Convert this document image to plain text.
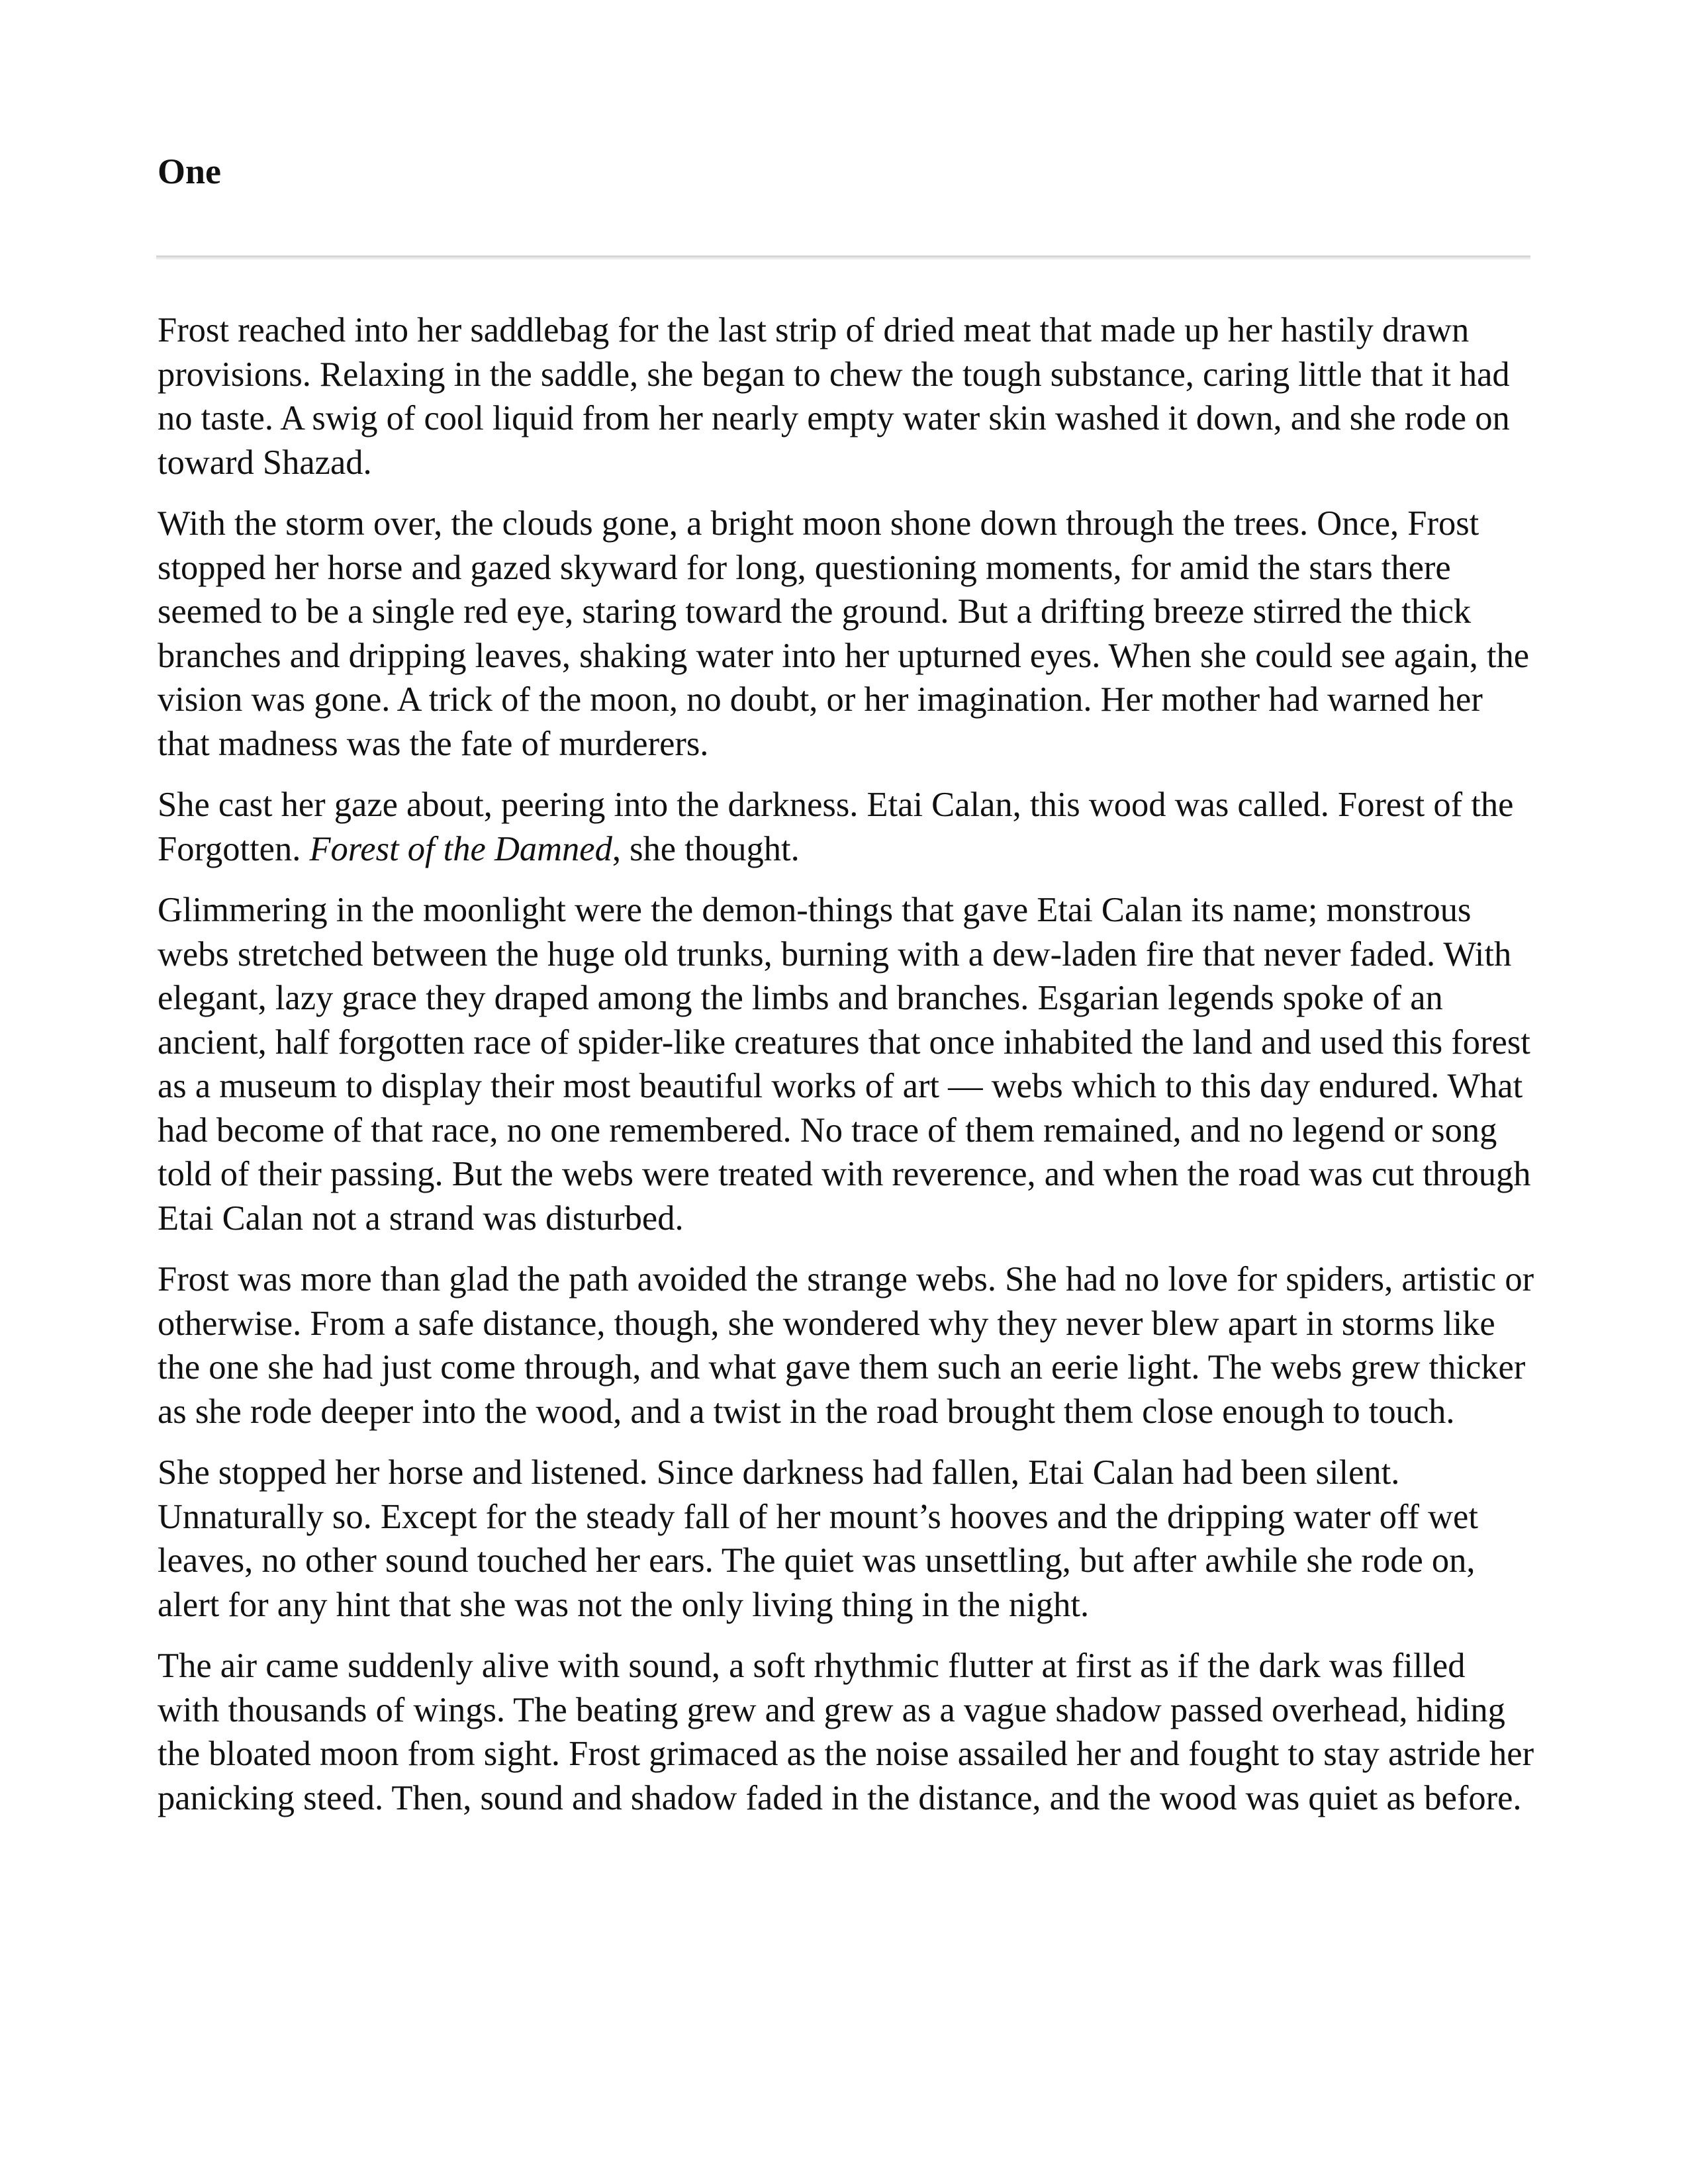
One

Frost reached into her saddlebag for the last strip of dried meat that made up her hastily drawn provisions. Relaxing in the saddle, she began to chew the tough substance, caring little that it had no taste. A swig of cool liquid from her nearly empty water skin washed it down, and she rode on toward Shazad.

With the storm over, the clouds gone, a bright moon shone down through the trees. Once, Frost stopped her horse and gazed skyward for long, questioning moments, for amid the stars there seemed to be a single red eye, staring toward the ground. But a drifting breeze stirred the thick branches and dripping leaves, shaking water into her upturned eyes. When she could see again, the vision was gone. A trick of the moon, no doubt, or her imagination. Her mother had warned her that madness was the fate of murderers.

She cast her gaze about, peering into the darkness. Etai Calan, this wood was called. Forest of the Forgotten. Forest of the Damned, she thought.

Glimmering in the moonlight were the demon-things that gave Etai Calan its name; monstrous webs stretched between the huge old trunks, burning with a dew-laden fire that never faded. With elegant, lazy grace they draped among the limbs and branches. Esgarian legends spoke of an ancient, half forgotten race of spider-like creatures that once inhabited the land and used this forest as a museum to display their most beautiful works of art — webs which to this day endured. What had become of that race, no one remembered. No trace of them remained, and no legend or song told of their passing. But the webs were treated with reverence, and when the road was cut through Etai Calan not a strand was disturbed.

Frost was more than glad the path avoided the strange webs. She had no love for spiders, artistic or otherwise. From a safe distance, though, she wondered why they never blew apart in storms like the one she had just come through, and what gave them such an eerie light. The webs grew thicker as she rode deeper into the wood, and a twist in the road brought them close enough to touch.

She stopped her horse and listened. Since darkness had fallen, Etai Calan had been silent. Unnaturally so. Except for the steady fall of her mount’s hooves and the dripping water off wet leaves, no other sound touched her ears. The quiet was unsettling, but after awhile she rode on, alert for any hint that she was not the only living thing in the night.

The air came suddenly alive with sound, a soft rhythmic flutter at first as if the dark was filled with thousands of wings. The beating grew and grew as a vague shadow passed overhead, hiding the bloated moon from sight. Frost grimaced as the noise assailed her and fought to stay astride her panicking steed. Then, sound and shadow faded in the distance, and the wood was quiet as before.
